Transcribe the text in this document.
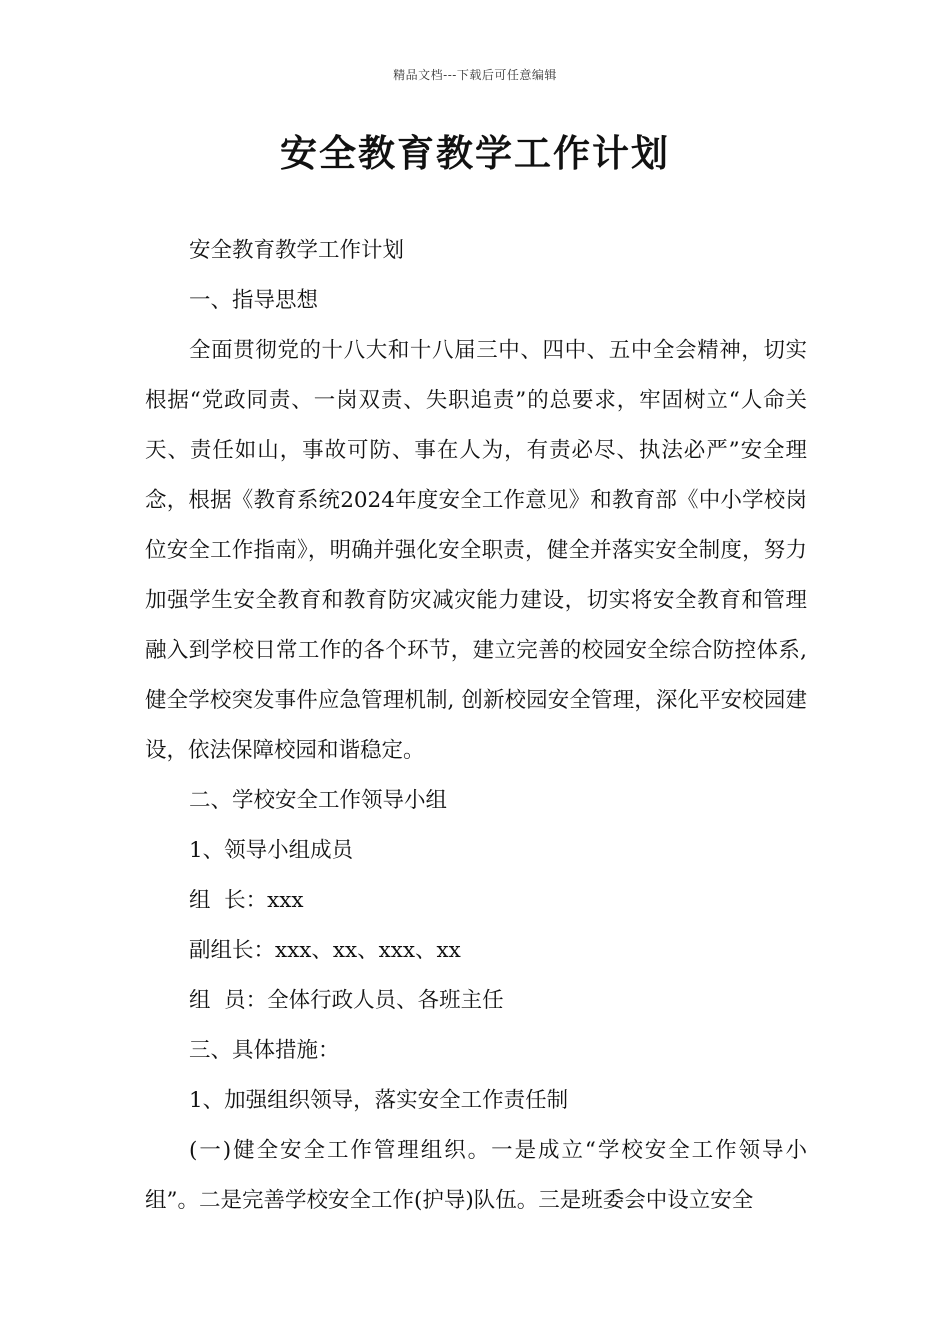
精品文档---下载后可任意编辑
安全教育教学工作计划

安全教育教学工作计划

一、指导思想

全面贯彻党的十八大和十八届三中、四中、五中全会精神，切实根据“党政同责、一岗双责、失职追责”的总要求，牢固树立“人命关天、责任如山，事故可防、事在人为，有责必尽、执法必严”安全理念，根据《教育系统2024年度安全工作意见》和教育部《中小学校岗位安全工作指南》，明确并强化安全职责，健全并落实安全制度，努力加强学生安全教育和教育防灾减灾能力建设，切实将安全教育和管理融入到学校日常工作的各个环节，建立完善的校园安全综合防控体系,健全学校突发事件应急管理机制, 创新校园安全管理，深化平安校园建设，依法保障校园和谐稳定。

二、学校安全工作领导小组

1、领导小组成员

组  长：xxx

副组长：xxx、xx、xxx、xx

组  员：全体行政人员、各班主任

三、具体措施：

1、加强组织领导，落实安全工作责任制

(一)健全安全工作管理组织。一是成立“学校安全工作领导小组”。二是完善学校安全工作(护导)队伍。三是班委会中设立安全
